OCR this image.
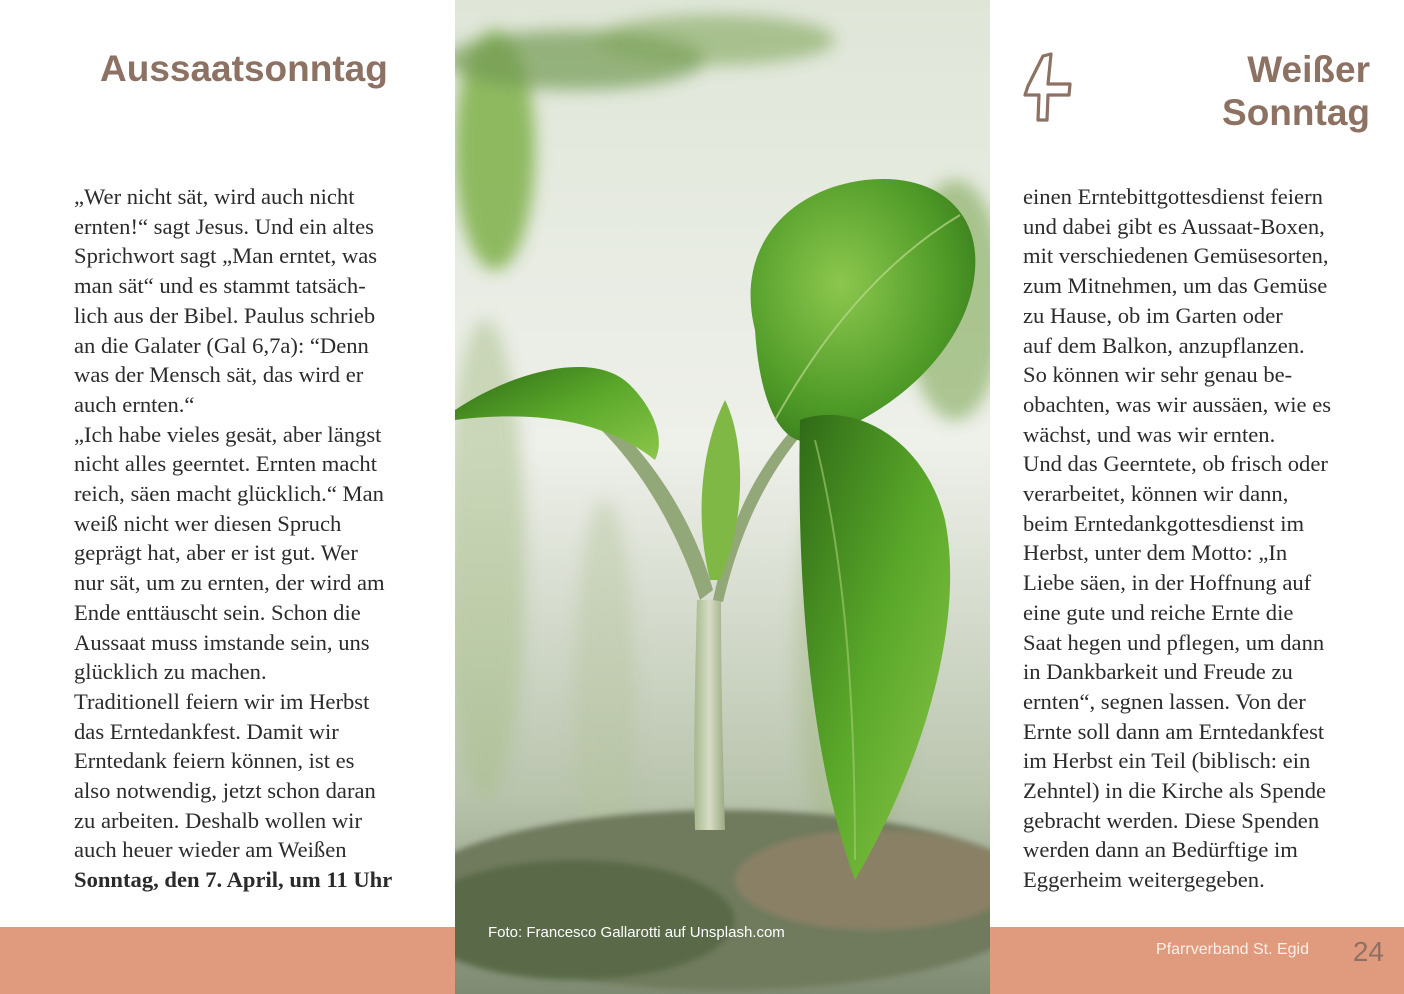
Aussaatsonntag
„Wer nicht sät, wird auch nicht
ernten!“ sagt Jesus. Und ein altes
Sprichwort sagt „Man erntet, was
man sät“ und es stammt tatsäch-
lich aus der Bibel. Paulus schrieb
an die Galater (Gal 6,7a): “Denn
was der Mensch sät, das wird er
auch ernten.“
„Ich habe vieles gesät, aber längst
nicht alles geerntet. Ernten macht
reich, säen macht glücklich.“ Man
weiß nicht wer diesen Spruch
geprägt hat, aber er ist gut. Wer
nur sät, um zu ernten, der wird am
Ende enttäuscht sein. Schon die
Aussaat muss imstande sein, uns
glücklich zu machen.
Traditionell feiern wir im Herbst
das Erntedankfest. Damit wir
Erntedank feiern können, ist es
also notwendig, jetzt schon daran
zu arbeiten. Deshalb wollen wir
auch heuer wieder am Weißen
Sonntag, den 7. April, um 11 Uhr
Foto: Francesco Gallarotti auf Unsplash.com
Weißer
Sonntag
einen Erntebittgottesdienst feiern
und dabei gibt es Aussaat-Boxen,
mit verschiedenen Gemüsesorten,
zum Mitnehmen, um das Gemüse
zu Hause, ob im Garten oder
auf dem Balkon, anzupflanzen.
So können wir sehr genau be-
obachten, was wir aussäen, wie es
wächst, und was wir ernten.
Und das Geerntete, ob frisch oder
verarbeitet, können wir dann,
beim Erntedankgottesdienst im
Herbst, unter dem Motto: „In
Liebe säen, in der Hoffnung auf
eine gute und reiche Ernte die
Saat hegen und pflegen, um dann
in Dankbarkeit und Freude zu
ernten“, segnen lassen. Von der
Ernte soll dann am Erntedankfest
im Herbst ein Teil (biblisch: ein
Zehntel) in die Kirche als Spende
gebracht werden. Diese Spenden
werden dann an Bedürftige im
Eggerheim weitergegeben.
Pfarrverband St. Egid 24
